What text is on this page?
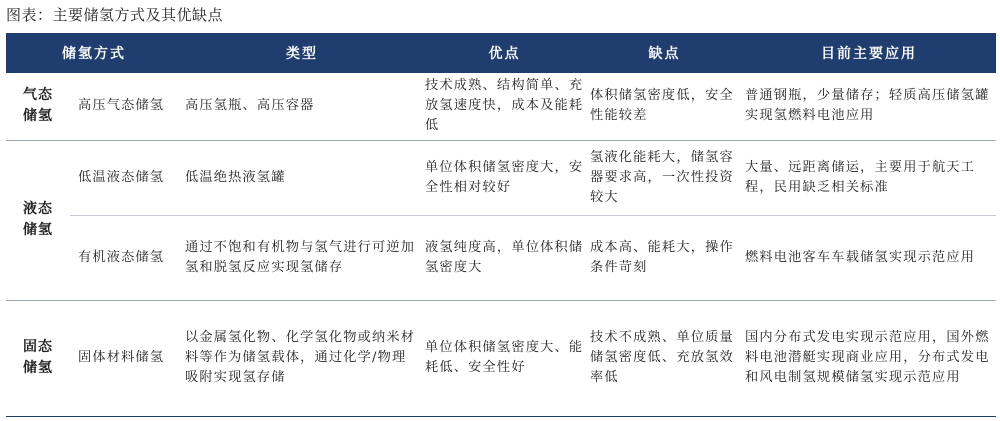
图表：主要储氢方式及其优缺点
储氢方式		类型	优点	缺点	目前主要应用
气态
储氢	高压气态储氢	高压氢瓶、高压容器	技术成熟、结构简单、充放氢速度快，成本及能耗低	体积储氢密度低，安全性能较差	普通钢瓶，少量储存；轻质高压储氢罐实现氢燃料电池应用
液态
储氢	低温液态储氢	低温绝热液氢罐	单位体积储氢密度大，安全性相对较好	氢液化能耗大，储氢容器要求高，一次性投资较大	大量、远距离储运，主要用于航天工程，民用缺乏相关标准
	有机液态储氢	通过不饱和有机物与氢气进行可逆加氢和脱氢反应实现氢储存	液氢纯度高，单位体积储氢密度大	成本高、能耗大，操作条件苛刻	燃料电池客车车载储氢实现示范应用
固态
储氢	固体材料储氢	以金属氢化物、化学氢化物或纳米材料等作为储氢载体，通过化学/物理吸附实现氢存储	单位体积储氢密度大、能耗低、安全性好	技术不成熟、单位质量储氢密度低、充放氢效率低	国内分布式发电实现示范应用，国外燃料电池潜艇实现商业应用，分布式发电和风电制氢规模储氢实现示范应用
